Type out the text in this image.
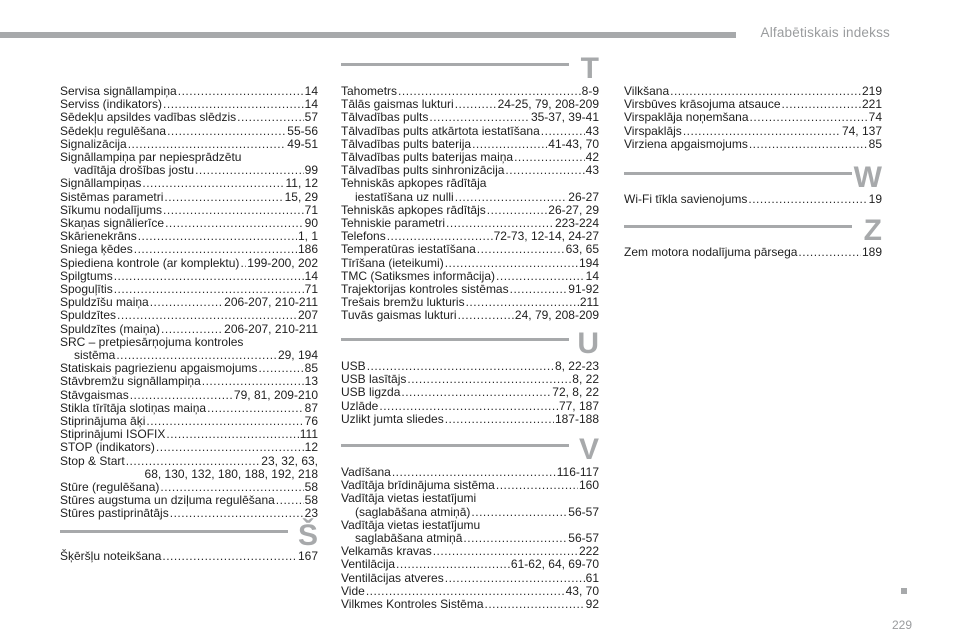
Alfabētiskais indekss
Servisa signāllampiņa .....	14
Serviss (indikators) .....	14
Sēdekļu apsildes vadības slēdzis .....	57
Sēdekļu regulēšana .....	55-56
Signalizācija .....	49-51
Signāllampiņa par nepiesprādzētu
vadītāja drošības jostu .....	99
Signāllampiņas .....	11, 12
Sistēmas parametri .....	15, 29
Sīkumu nodalījums .....	71
Skaņas signālierīce .....	90
Skārienekrāns .....	1, 1
Sniega ķēdes .....	186
Spiediena kontrole (ar komplektu) ..... 199-200, 202
Spilgtums .....	14
Spoguļītis .....	71
Spuldzīšu maiņa .....	206-207, 210-211
Spuldzītes .....	207
Spuldzītes (maiņa) .....	206-207, 210-211
SRC – pretpiesārņojuma kontroles
sistēma .....	29, 194
Statiskais pagriezienu apgaismojums .....	85
Stāvbremžu signāllampiņa .....	13
Stāvgaismas .....	79, 81, 209-210
Stikla tīrītāja slotiņas maiņa .....	87
Stiprinājuma āķi .....	76
Stiprinājumi ISOFIX .....	111
STOP (indikators) .....	12
Stop & Start .....	23, 32, 63,
68, 130, 132, 180, 188, 192, 218
Stūre (regulēšana) .....	58
Stūres augstuma un dziļuma regulēšana ..... 58
Stūres pastiprinātājs .....	23
Š
Šķēršļu noteikšana .....	167
T
Tahometrs .....	8-9
Tālās gaismas lukturi .....	24-25, 79, 208-209
Tālvadības pults .....	35-37, 39-41
Tālvadības pults atkārtota iestatīšana .....	43
Tālvadības pults baterija .....	41-43, 70
Tālvadības pults baterijas maiņa .....	42
Tālvadības pults sinhronizācija .....	43
Tehniskās apkopes rādītāja
iestatīšana uz nulli .....	26-27
Tehniskās apkopes rādītājs .....	26-27, 29
Tehniskie parametri .....	223-224
Telefons .....	72-73, 12-14, 24-27
Temperatūras iestatīšana .....	63, 65
Tīrīšana (ieteikumi) .....	194
TMC (Satiksmes informācija) .....	14
Trajektorijas kontroles sistēmas .....	91-92
Trešais bremžu lukturis .....	211
Tuvās gaismas lukturi .....	24, 79, 208-209
U
USB .....	8, 22-23
USB lasītājs .....	8, 22
USB ligzda .....	72, 8, 22
Uzlāde .....	77, 187
Uzlikt jumta sliedes .....	187-188
V
Vadīšana .....	116-117
Vadītāja brīdinājuma sistēma .....	160
Vadītāja vietas iestatījumi
(saglabāšana atmiņā) .....	56-57
Vadītāja vietas iestatījumu
saglabāšana atmiņā .....	56-57
Velkamās kravas .....	222
Ventilācija .....	61-62, 64, 69-70
Ventilācijas atveres .....	61
Vide .....	43, 70
Vilkmes Kontroles Sistēma .....	92
Vilkšana .....	219
Virsbūves krāsojuma atsauce .....	221
Virspaklāja noņemšana .....	74
Virspaklājs .....	74, 137
Virziena apgaismojums .....	85
W
Wi-Fi tīkla savienojums .....	19
Z
Zem motora nodalījuma pārsega .....	189
229
